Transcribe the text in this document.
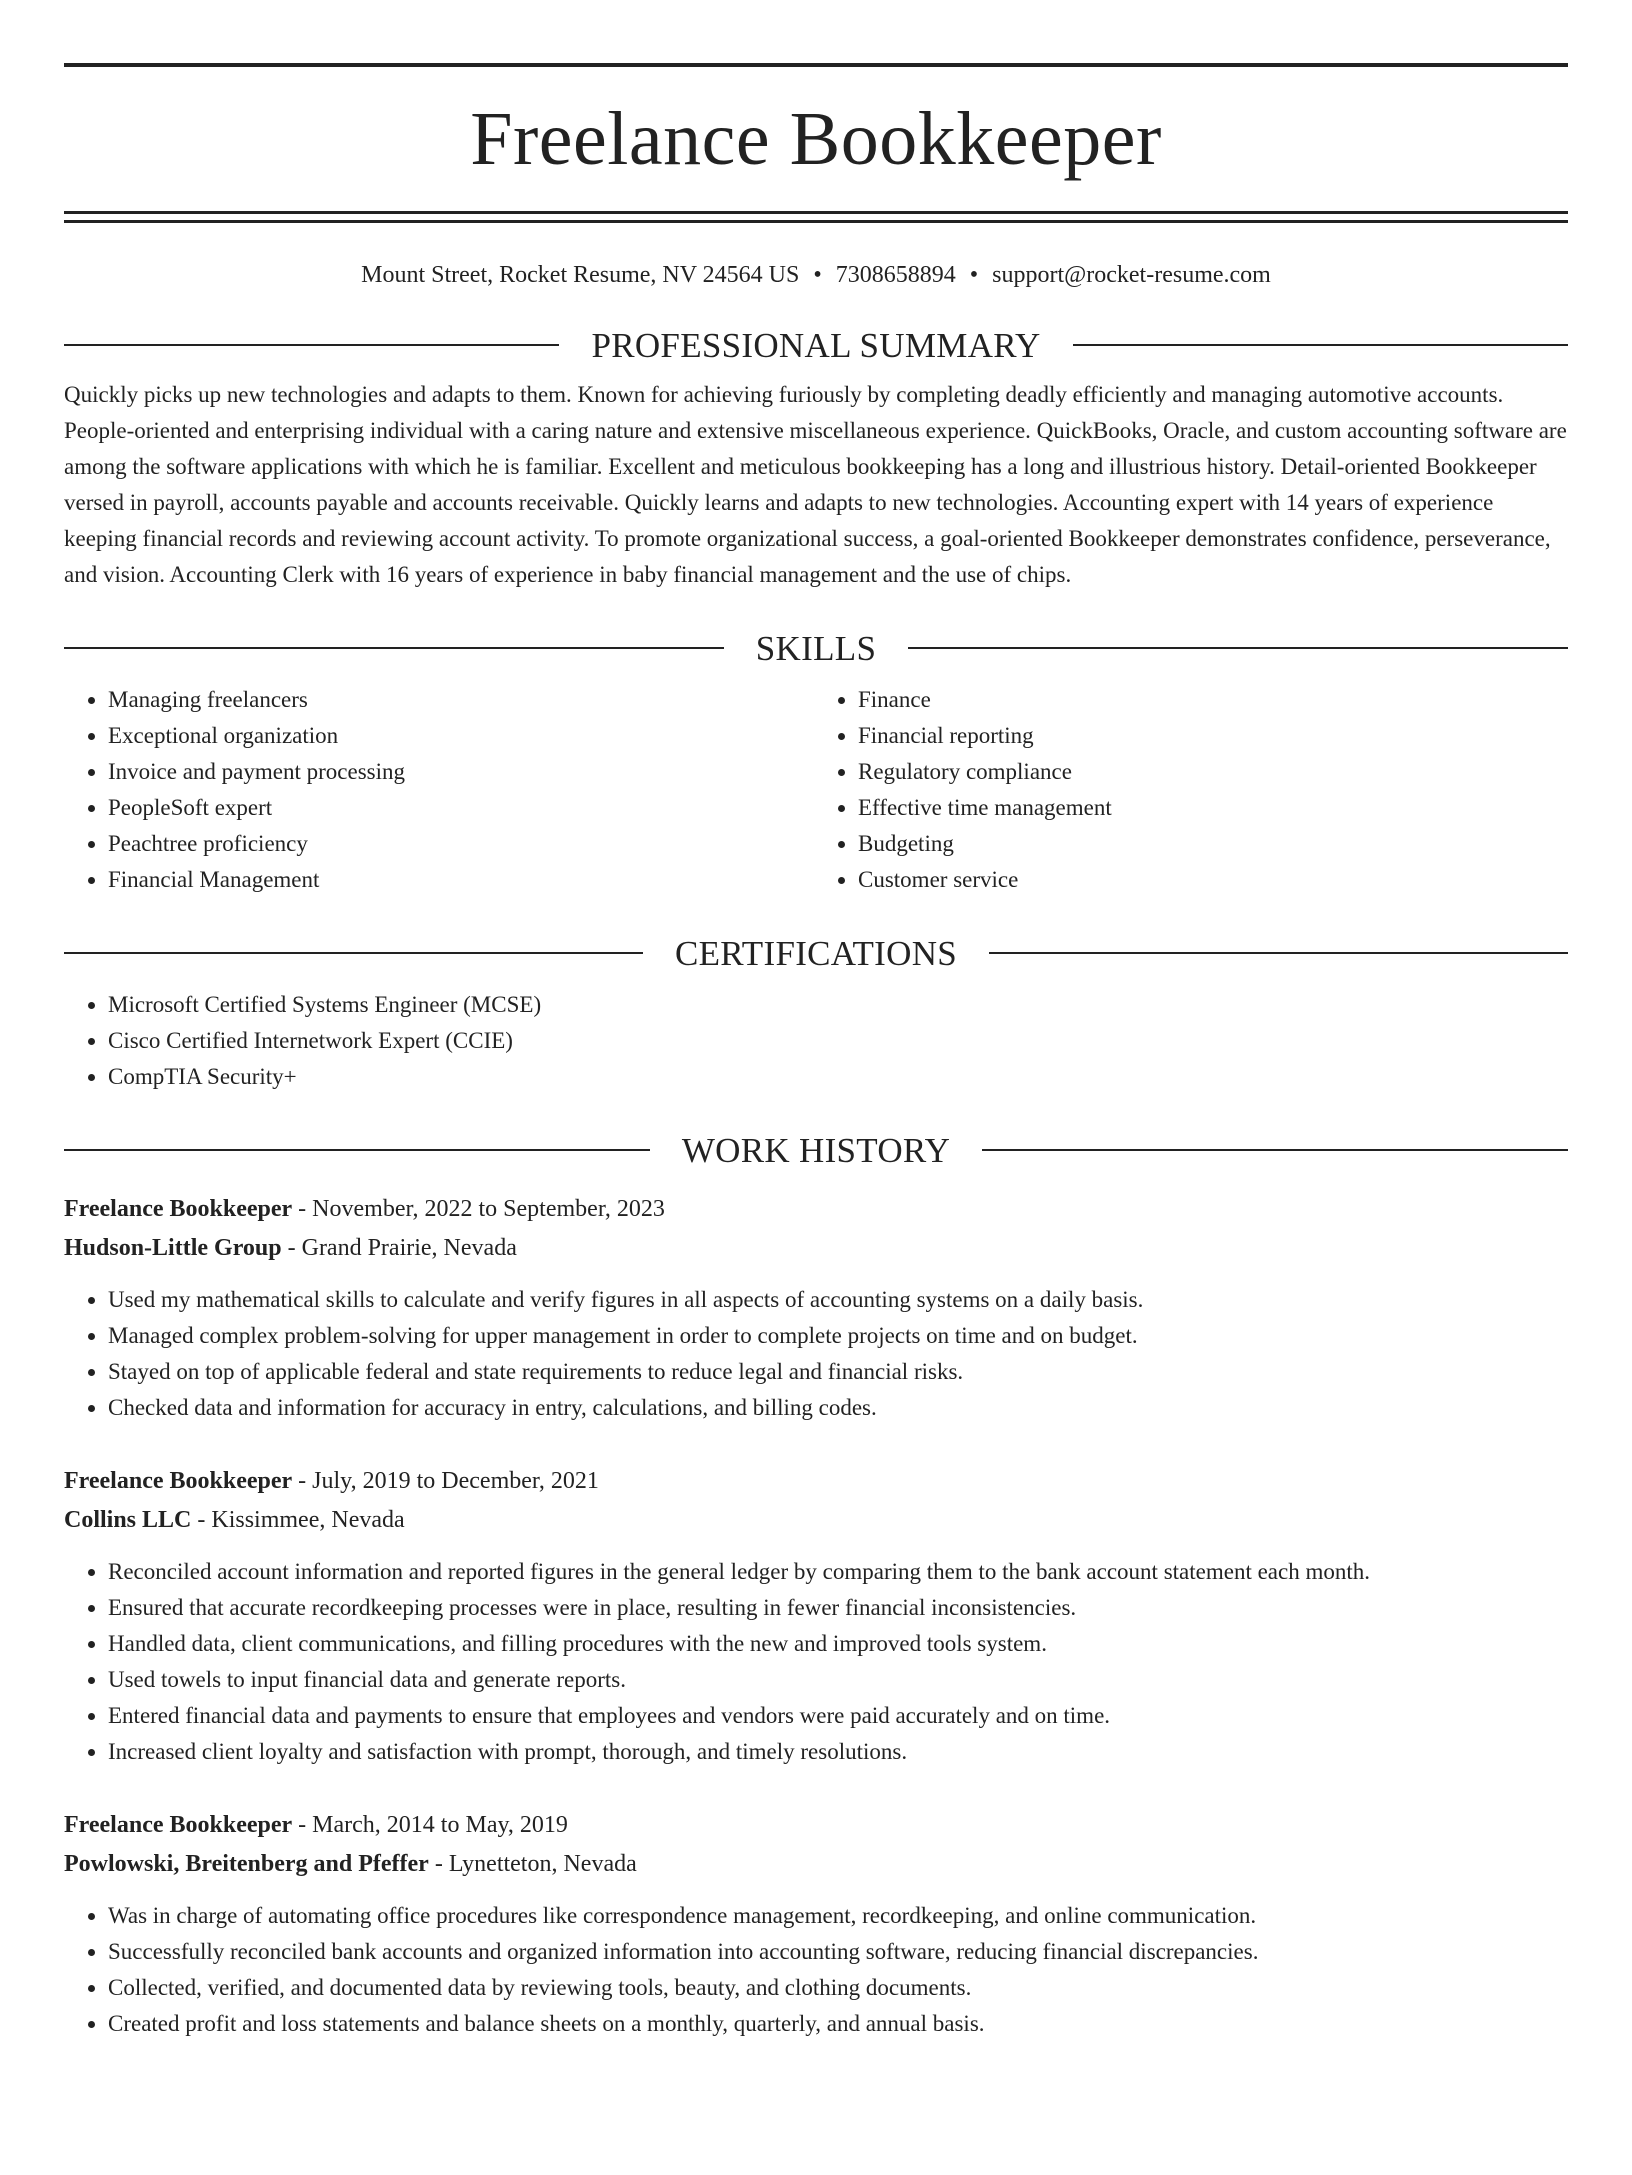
Freelance Bookkeeper
Mount Street, Rocket Resume, NV 24564 US • 7308658894 • support@rocket-resume.com
PROFESSIONAL SUMMARY
Quickly picks up new technologies and adapts to them. Known for achieving furiously by completing deadly efficiently and managing automotive accounts. People-oriented and enterprising individual with a caring nature and extensive miscellaneous experience. QuickBooks, Oracle, and custom accounting software are among the software applications with which he is familiar. Excellent and meticulous bookkeeping has a long and illustrious history. Detail-oriented Bookkeeper versed in payroll, accounts payable and accounts receivable. Quickly learns and adapts to new technologies. Accounting expert with 14 years of experience keeping financial records and reviewing account activity. To promote organizational success, a goal-oriented Bookkeeper demonstrates confidence, perseverance, and vision. Accounting Clerk with 16 years of experience in baby financial management and the use of chips.
SKILLS
• Managing freelancers
• Exceptional organization
• Invoice and payment processing
• PeopleSoft expert
• Peachtree proficiency
• Financial Management
• Finance
• Financial reporting
• Regulatory compliance
• Effective time management
• Budgeting
• Customer service
CERTIFICATIONS
• Microsoft Certified Systems Engineer (MCSE)
• Cisco Certified Internetwork Expert (CCIE)
• CompTIA Security+
WORK HISTORY
Freelance Bookkeeper - November, 2022 to September, 2023
Hudson-Little Group - Grand Prairie, Nevada
• Used my mathematical skills to calculate and verify figures in all aspects of accounting systems on a daily basis.
• Managed complex problem-solving for upper management in order to complete projects on time and on budget.
• Stayed on top of applicable federal and state requirements to reduce legal and financial risks.
• Checked data and information for accuracy in entry, calculations, and billing codes.
Freelance Bookkeeper - July, 2019 to December, 2021
Collins LLC - Kissimmee, Nevada
• Reconciled account information and reported figures in the general ledger by comparing them to the bank account statement each month.
• Ensured that accurate recordkeeping processes were in place, resulting in fewer financial inconsistencies.
• Handled data, client communications, and filling procedures with the new and improved tools system.
• Used towels to input financial data and generate reports.
• Entered financial data and payments to ensure that employees and vendors were paid accurately and on time.
• Increased client loyalty and satisfaction with prompt, thorough, and timely resolutions.
Freelance Bookkeeper - March, 2014 to May, 2019
Powlowski, Breitenberg and Pfeffer - Lynetteton, Nevada
• Was in charge of automating office procedures like correspondence management, recordkeeping, and online communication.
• Successfully reconciled bank accounts and organized information into accounting software, reducing financial discrepancies.
• Collected, verified, and documented data by reviewing tools, beauty, and clothing documents.
• Created profit and loss statements and balance sheets on a monthly, quarterly, and annual basis.
